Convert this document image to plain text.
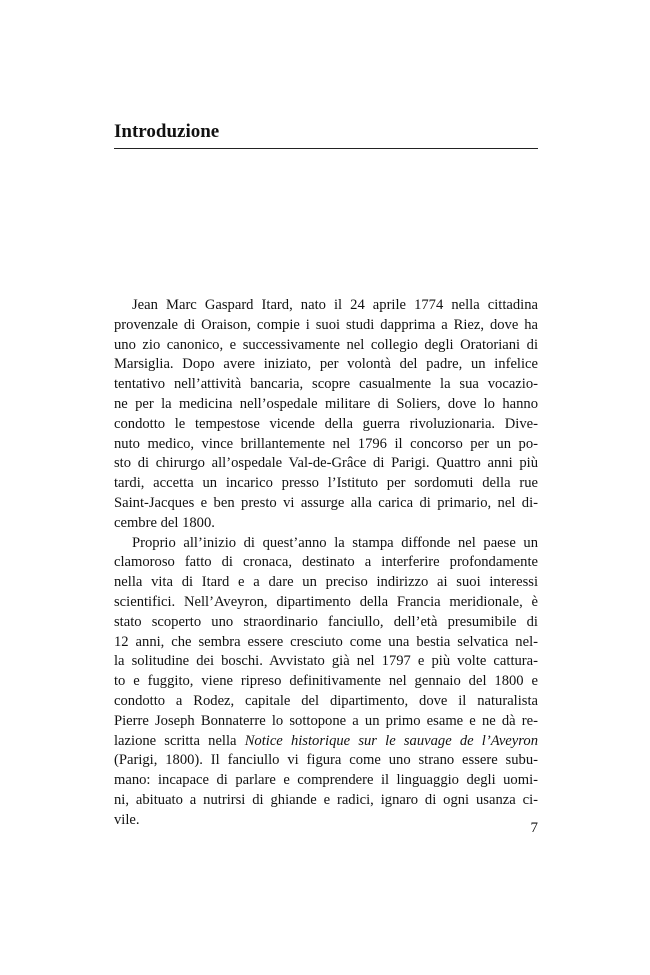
Introduzione
Jean Marc Gaspard Itard, nato il 24 aprile 1774 nella cittadina
provenzale di Oraison, compie i suoi studi dapprima a Riez, dove ha
uno zio canonico, e successivamente nel collegio degli Oratoriani di
Marsiglia. Dopo avere iniziato, per volontà del padre, un infelice
tentativo nell’attività bancaria, scopre casualmente la sua vocazio-
ne per la medicina nell’ospedale militare di Soliers, dove lo hanno
condotto le tempestose vicende della guerra rivoluzionaria. Dive-
nuto medico, vince brillantemente nel 1796 il concorso per un po-
sto di chirurgo all’ospedale Val-de-Grâce di Parigi. Quattro anni più
tardi, accetta un incarico presso l’Istituto per sordomuti della rue
Saint-Jacques e ben presto vi assurge alla carica di primario, nel di-
cembre del 1800.
Proprio all’inizio di quest’anno la stampa diffonde nel paese un
clamoroso fatto di cronaca, destinato a interferire profondamente
nella vita di Itard e a dare un preciso indirizzo ai suoi interessi
scientifici. Nell’Aveyron, dipartimento della Francia meridionale, è
stato scoperto uno straordinario fanciullo, dell’età presumibile di
12 anni, che sembra essere cresciuto come una bestia selvatica nel-
la solitudine dei boschi. Avvistato già nel 1797 e più volte cattura-
to e fuggito, viene ripreso definitivamente nel gennaio del 1800 e
condotto a Rodez, capitale del dipartimento, dove il naturalista
Pierre Joseph Bonnaterre lo sottopone a un primo esame e ne dà re-
lazione scritta nella Notice historique sur le sauvage de l’Aveyron
(Parigi, 1800). Il fanciullo vi figura come uno strano essere subu-
mano: incapace di parlare e comprendere il linguaggio degli uomi-
ni, abituato a nutrirsi di ghiande e radici, ignaro di ogni usanza ci-
vile.
7
